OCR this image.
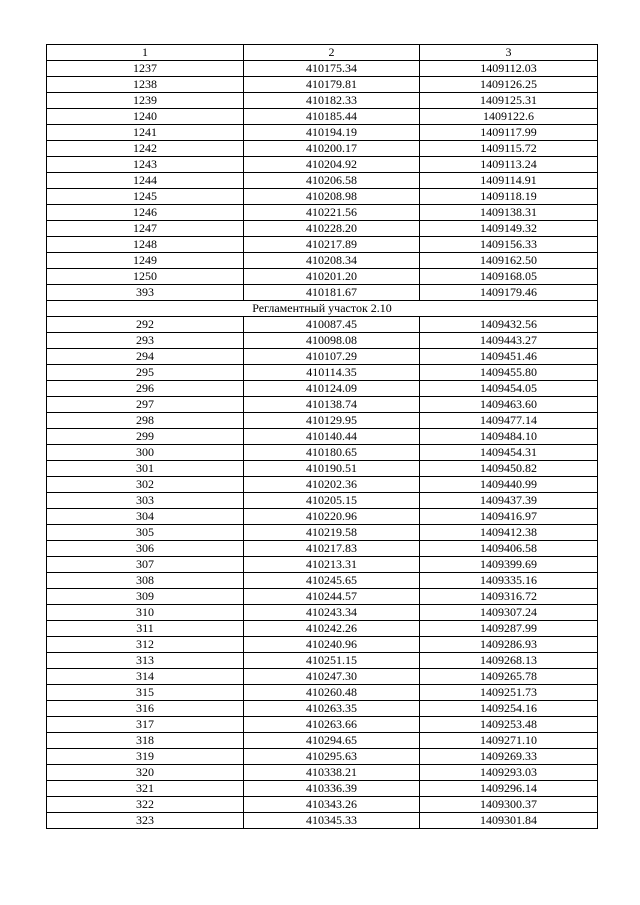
1	2	3
1237	410175.34	1409112.03
1238	410179.81	1409126.25
1239	410182.33	1409125.31
1240	410185.44	1409122.6
1241	410194.19	1409117.99
1242	410200.17	1409115.72
1243	410204.92	1409113.24
1244	410206.58	1409114.91
1245	410208.98	1409118.19
1246	410221.56	1409138.31
1247	410228.20	1409149.32
1248	410217.89	1409156.33
1249	410208.34	1409162.50
1250	410201.20	1409168.05
393	410181.67	1409179.46
Регламентный участок 2.10		
292	410087.45	1409432.56
293	410098.08	1409443.27
294	410107.29	1409451.46
295	410114.35	1409455.80
296	410124.09	1409454.05
297	410138.74	1409463.60
298	410129.95	1409477.14
299	410140.44	1409484.10
300	410180.65	1409454.31
301	410190.51	1409450.82
302	410202.36	1409440.99
303	410205.15	1409437.39
304	410220.96	1409416.97
305	410219.58	1409412.38
306	410217.83	1409406.58
307	410213.31	1409399.69
308	410245.65	1409335.16
309	410244.57	1409316.72
310	410243.34	1409307.24
311	410242.26	1409287.99
312	410240.96	1409286.93
313	410251.15	1409268.13
314	410247.30	1409265.78
315	410260.48	1409251.73
316	410263.35	1409254.16
317	410263.66	1409253.48
318	410294.65	1409271.10
319	410295.63	1409269.33
320	410338.21	1409293.03
321	410336.39	1409296.14
322	410343.26	1409300.37
323	410345.33	1409301.84
